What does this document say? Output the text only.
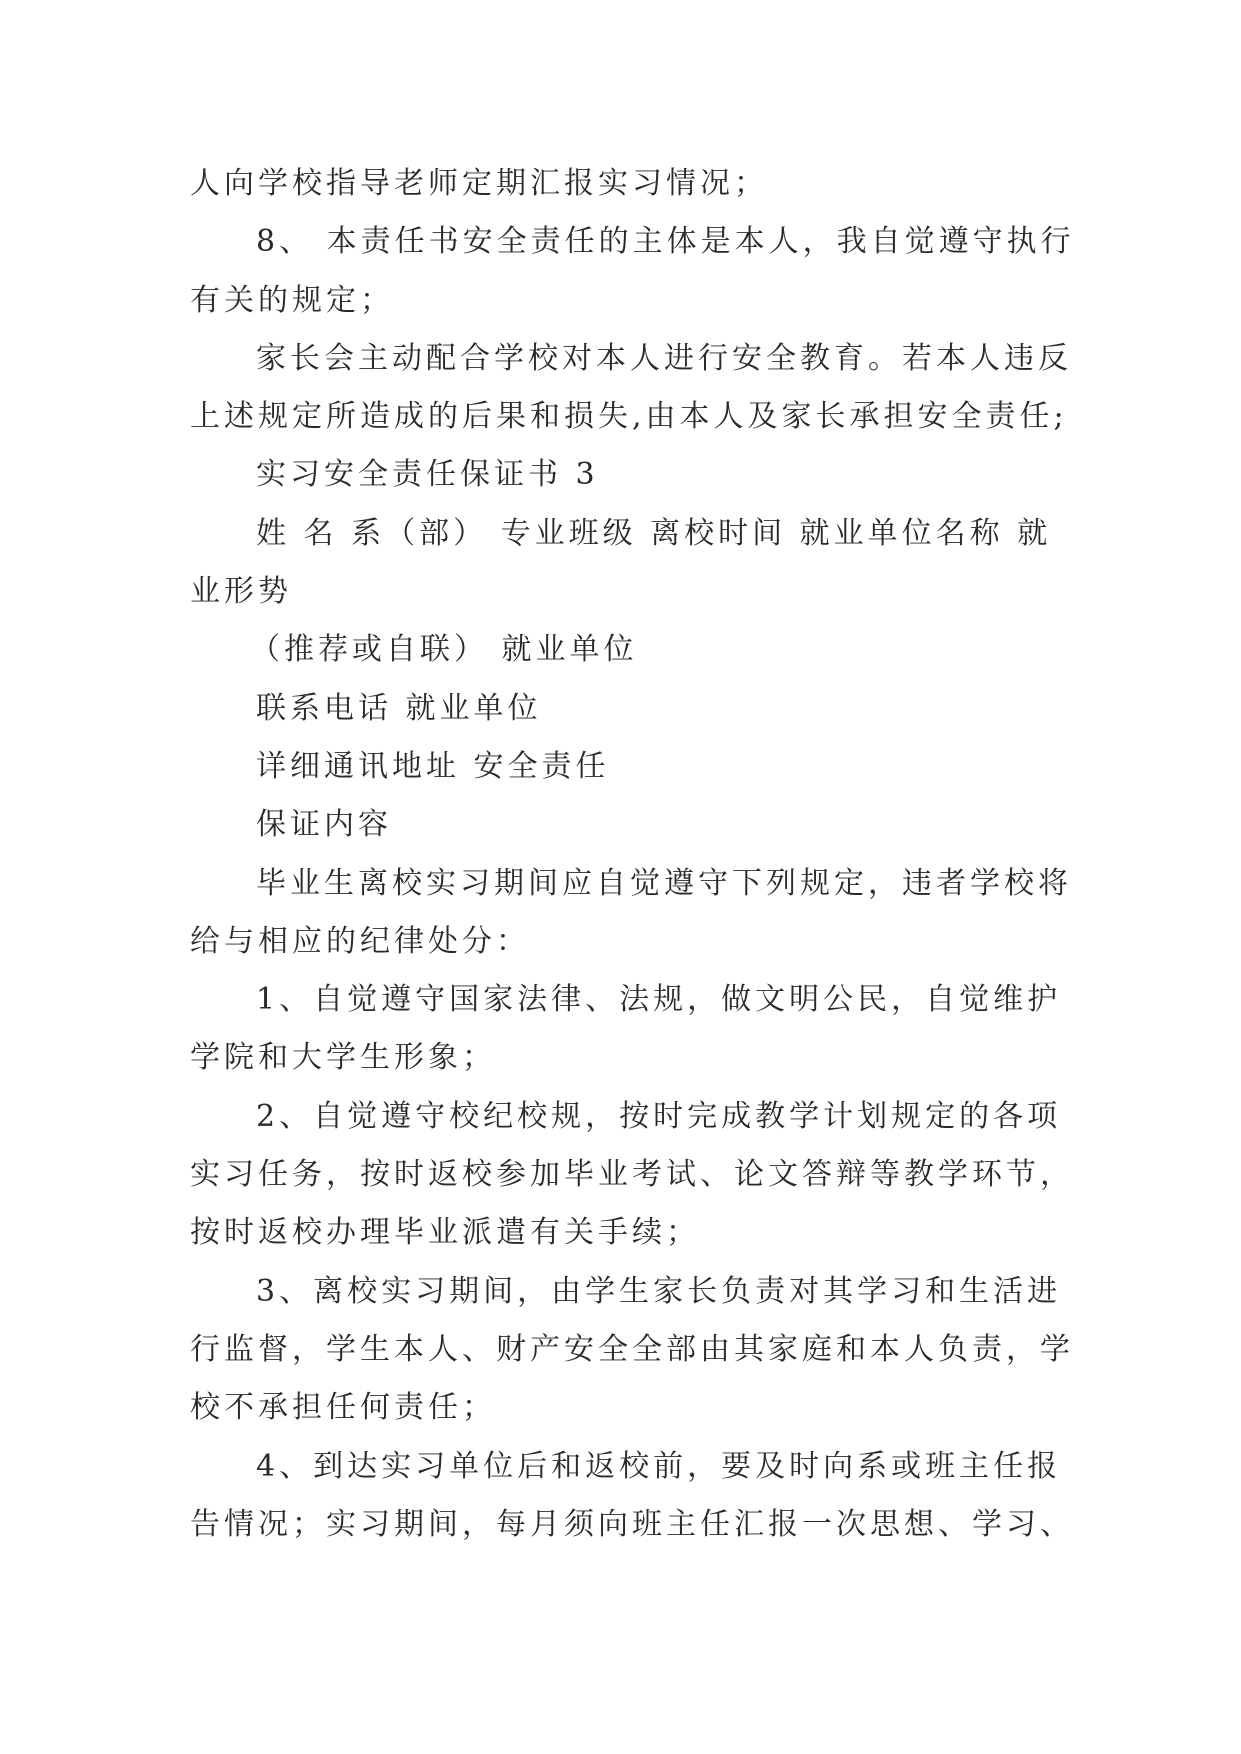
人向学校指导老师定期汇报实习情况；
8、 本责任书安全责任的主体是本人，我自觉遵守执行
有关的规定；
家长会主动配合学校对本人进行安全教育。若本人违反
上述规定所造成的后果和损失,由本人及家长承担安全责任;
实习安全责任保证书 3
姓 名 系（部） 专业班级 离校时间 就业单位名称 就
业形势
（推荐或自联） 就业单位
联系电话 就业单位
详细通讯地址 安全责任
保证内容
毕业生离校实习期间应自觉遵守下列规定，违者学校将
给与相应的纪律处分：
1、自觉遵守国家法律、法规，做文明公民，自觉维护
学院和大学生形象；
2、自觉遵守校纪校规，按时完成教学计划规定的各项
实习任务，按时返校参加毕业考试、论文答辩等教学环节，
按时返校办理毕业派遣有关手续；
3、离校实习期间，由学生家长负责对其学习和生活进
行监督，学生本人、财产安全全部由其家庭和本人负责，学
校不承担任何责任；
4、到达实习单位后和返校前，要及时向系或班主任报
告情况；实习期间，每月须向班主任汇报一次思想、学习、
